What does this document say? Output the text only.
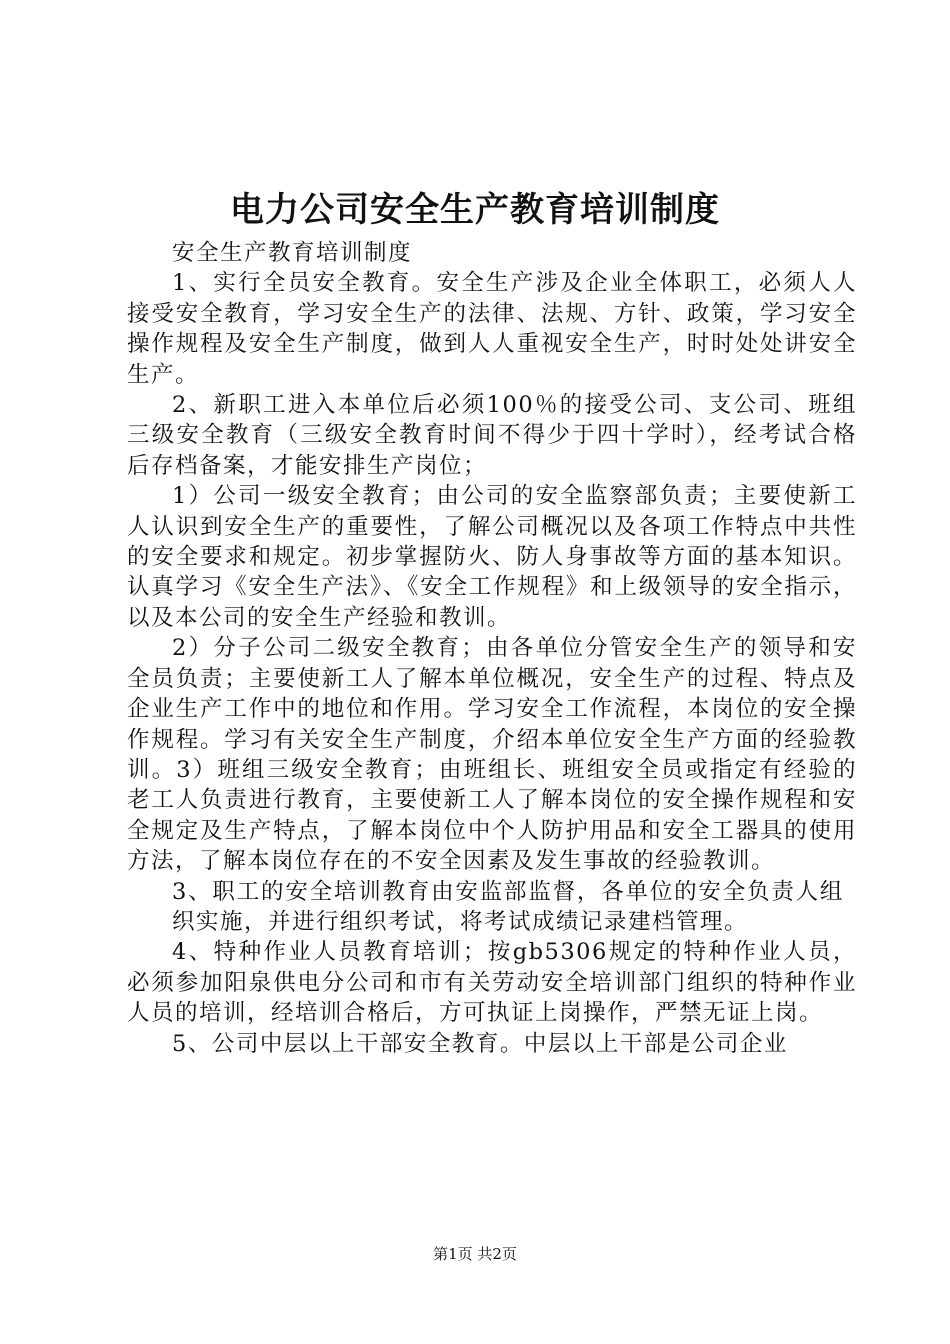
电力公司安全生产教育培训制度

安全生产教育培训制度

1、实行全员安全教育。安全生产涉及企业全体职工，必须人人接受安全教育，学习安全生产的法律、法规、方针、政策，学习安全操作规程及安全生产制度，做到人人重视安全生产，时时处处讲安全生产。

2、新职工进入本单位后必须100％的接受公司、支公司、班组三级安全教育（三级安全教育时间不得少于四十学时），经考试合格后存档备案，才能安排生产岗位；

1）公司一级安全教育；由公司的安全监察部负责；主要使新工人认识到安全生产的重要性，了解公司概况以及各项工作特点中共性的安全要求和规定。初步掌握防火、防人身事故等方面的基本知识。认真学习《安全生产法》、《安全工作规程》和上级领导的安全指示，以及本公司的安全生产经验和教训。

2）分子公司二级安全教育；由各单位分管安全生产的领导和安全员负责；主要使新工人了解本单位概况，安全生产的过程、特点及企业生产工作中的地位和作用。学习安全工作流程，本岗位的安全操作规程。学习有关安全生产制度，介绍本单位安全生产方面的经验教训。3）班组三级安全教育；由班组长、班组安全员或指定有经验的老工人负责进行教育，主要使新工人了解本岗位的安全操作规程和安全规定及生产特点，了解本岗位中个人防护用品和安全工器具的使用方法，了解本岗位存在的不安全因素及发生事故的经验教训。

3、职工的安全培训教育由安监部监督，各单位的安全负责人组

织实施，并进行组织考试，将考试成绩记录建档管理。

4、特种作业人员教育培训；按gb5306规定的特种作业人员，必须参加阳泉供电分公司和市有关劳动安全培训部门组织的特种作业人员的培训，经培训合格后，方可执证上岗操作，严禁无证上岗。

5、公司中层以上干部安全教育。中层以上干部是公司企业

第1页 共2页
